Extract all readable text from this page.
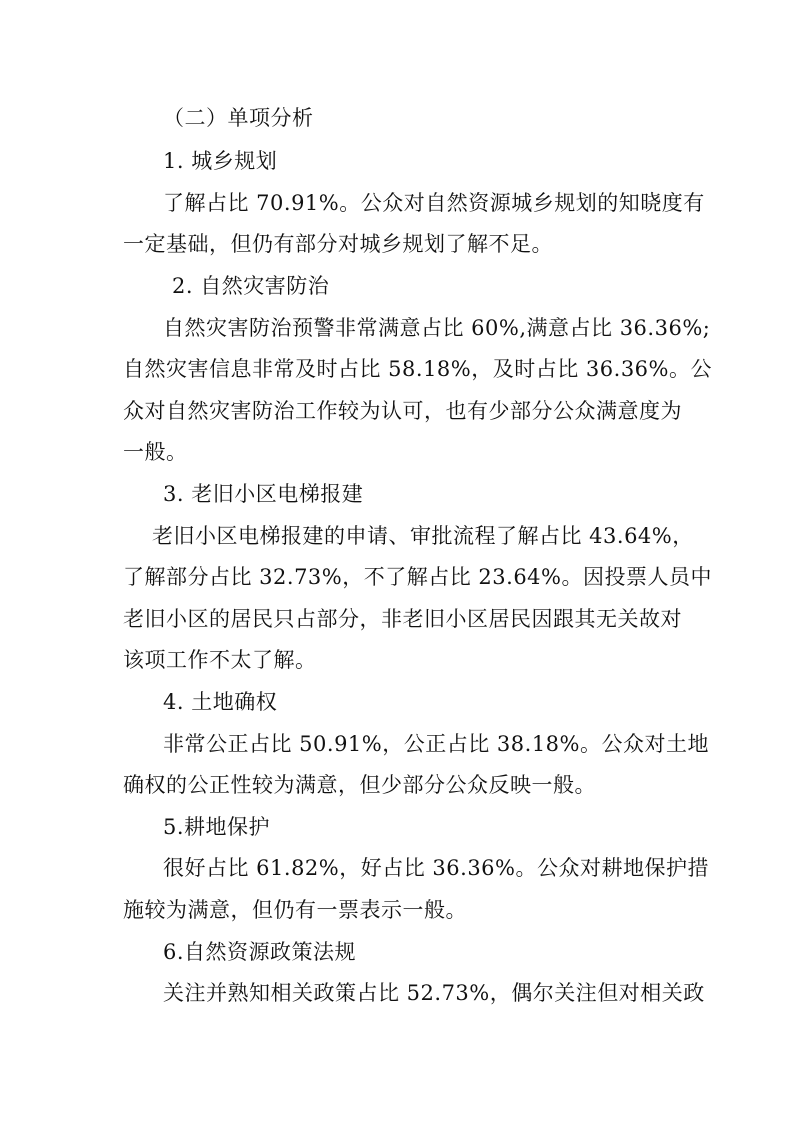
（二）单项分析
1. 城乡规划
了解占比 70.91%。公众对自然资源城乡规划的知晓度有
一定基础，但仍有部分对城乡规划了解不足。
2. 自然灾害防治
自然灾害防治预警非常满意占比 60%,满意占比 36.36%;
自然灾害信息非常及时占比 58.18%，及时占比 36.36%。公
众对自然灾害防治工作较为认可，也有少部分公众满意度为
一般。
3. 老旧小区电梯报建
老旧小区电梯报建的申请、审批流程了解占比 43.64%，
了解部分占比 32.73%，不了解占比 23.64%。因投票人员中
老旧小区的居民只占部分，非老旧小区居民因跟其无关故对
该项工作不太了解。
4. 土地确权
非常公正占比 50.91%，公正占比 38.18%。公众对土地
确权的公正性较为满意，但少部分公众反映一般。
5.耕地保护
很好占比 61.82%，好占比 36.36%。公众对耕地保护措
施较为满意，但仍有一票表示一般。
6.自然资源政策法规
关注并熟知相关政策占比 52.73%，偶尔关注但对相关政
